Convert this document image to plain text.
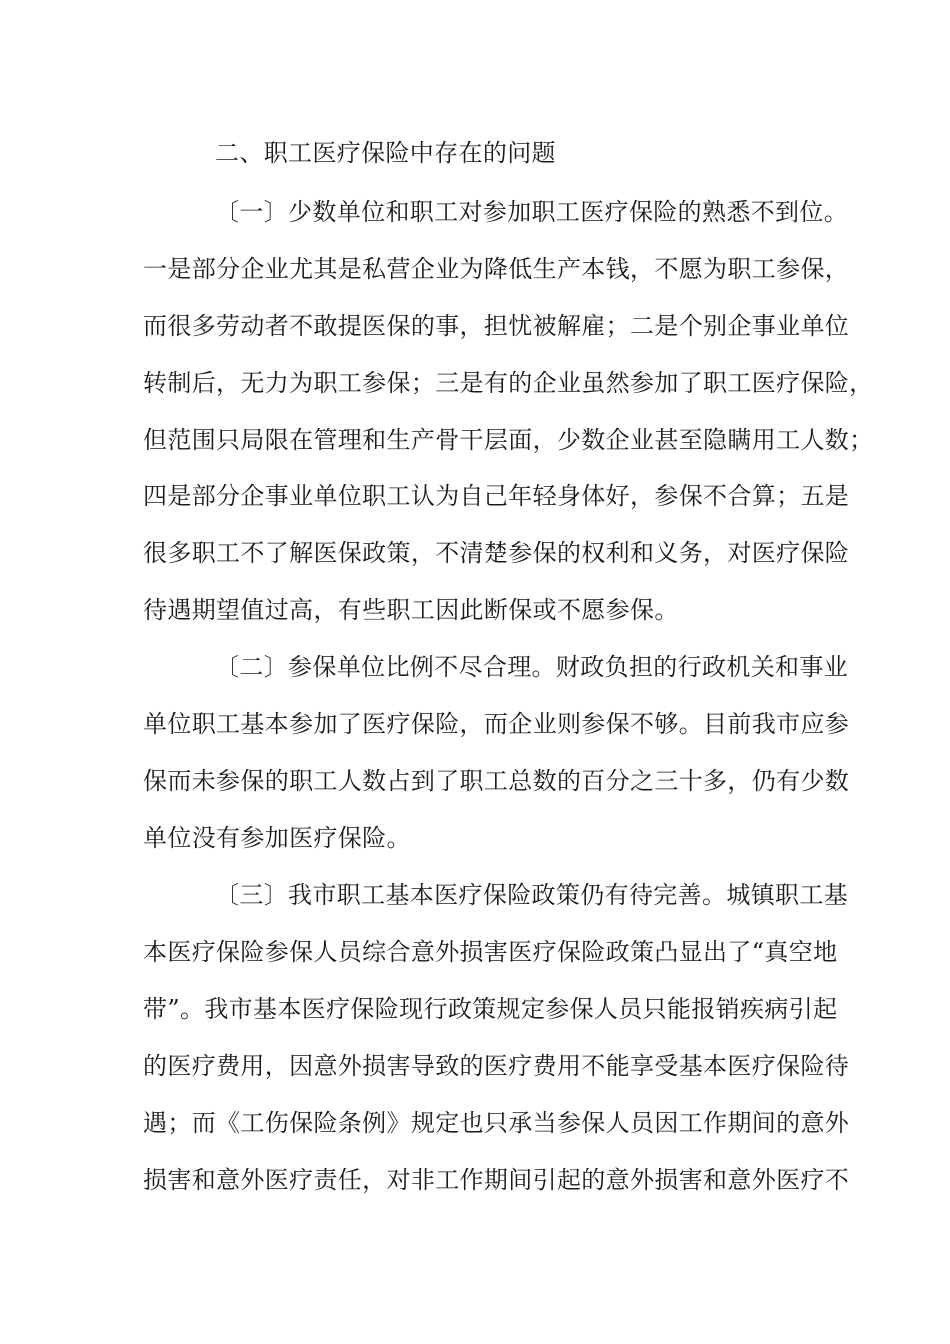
二、职工医疗保险中存在的问题
〔一〕少数单位和职工对参加职工医疗保险的熟悉不到位。
一是部分企业尤其是私营企业为降低生产本钱，不愿为职工参保，
而很多劳动者不敢提医保的事，担忧被解雇；二是个别企事业单位
转制后，无力为职工参保；三是有的企业虽然参加了职工医疗保险，
但范围只局限在管理和生产骨干层面，少数企业甚至隐瞒用工人数；
四是部分企事业单位职工认为自己年轻身体好，参保不合算；五是
很多职工不了解医保政策，不清楚参保的权利和义务，对医疗保险
待遇期望值过高，有些职工因此断保或不愿参保。
〔二〕参保单位比例不尽合理。财政负担的行政机关和事业
单位职工基本参加了医疗保险，而企业则参保不够。目前我市应参
保而未参保的职工人数占到了职工总数的百分之三十多，仍有少数
单位没有参加医疗保险。
〔三〕我市职工基本医疗保险政策仍有待完善。城镇职工基
本医疗保险参保人员综合意外损害医疗保险政策凸显出了“真空地
带”。我市基本医疗保险现行政策规定参保人员只能报销疾病引起
的医疗费用，因意外损害导致的医疗费用不能享受基本医疗保险待
遇；而《工伤保险条例》规定也只承当参保人员因工作期间的意外
损害和意外医疗责任，对非工作期间引起的意外损害和意外医疗不
